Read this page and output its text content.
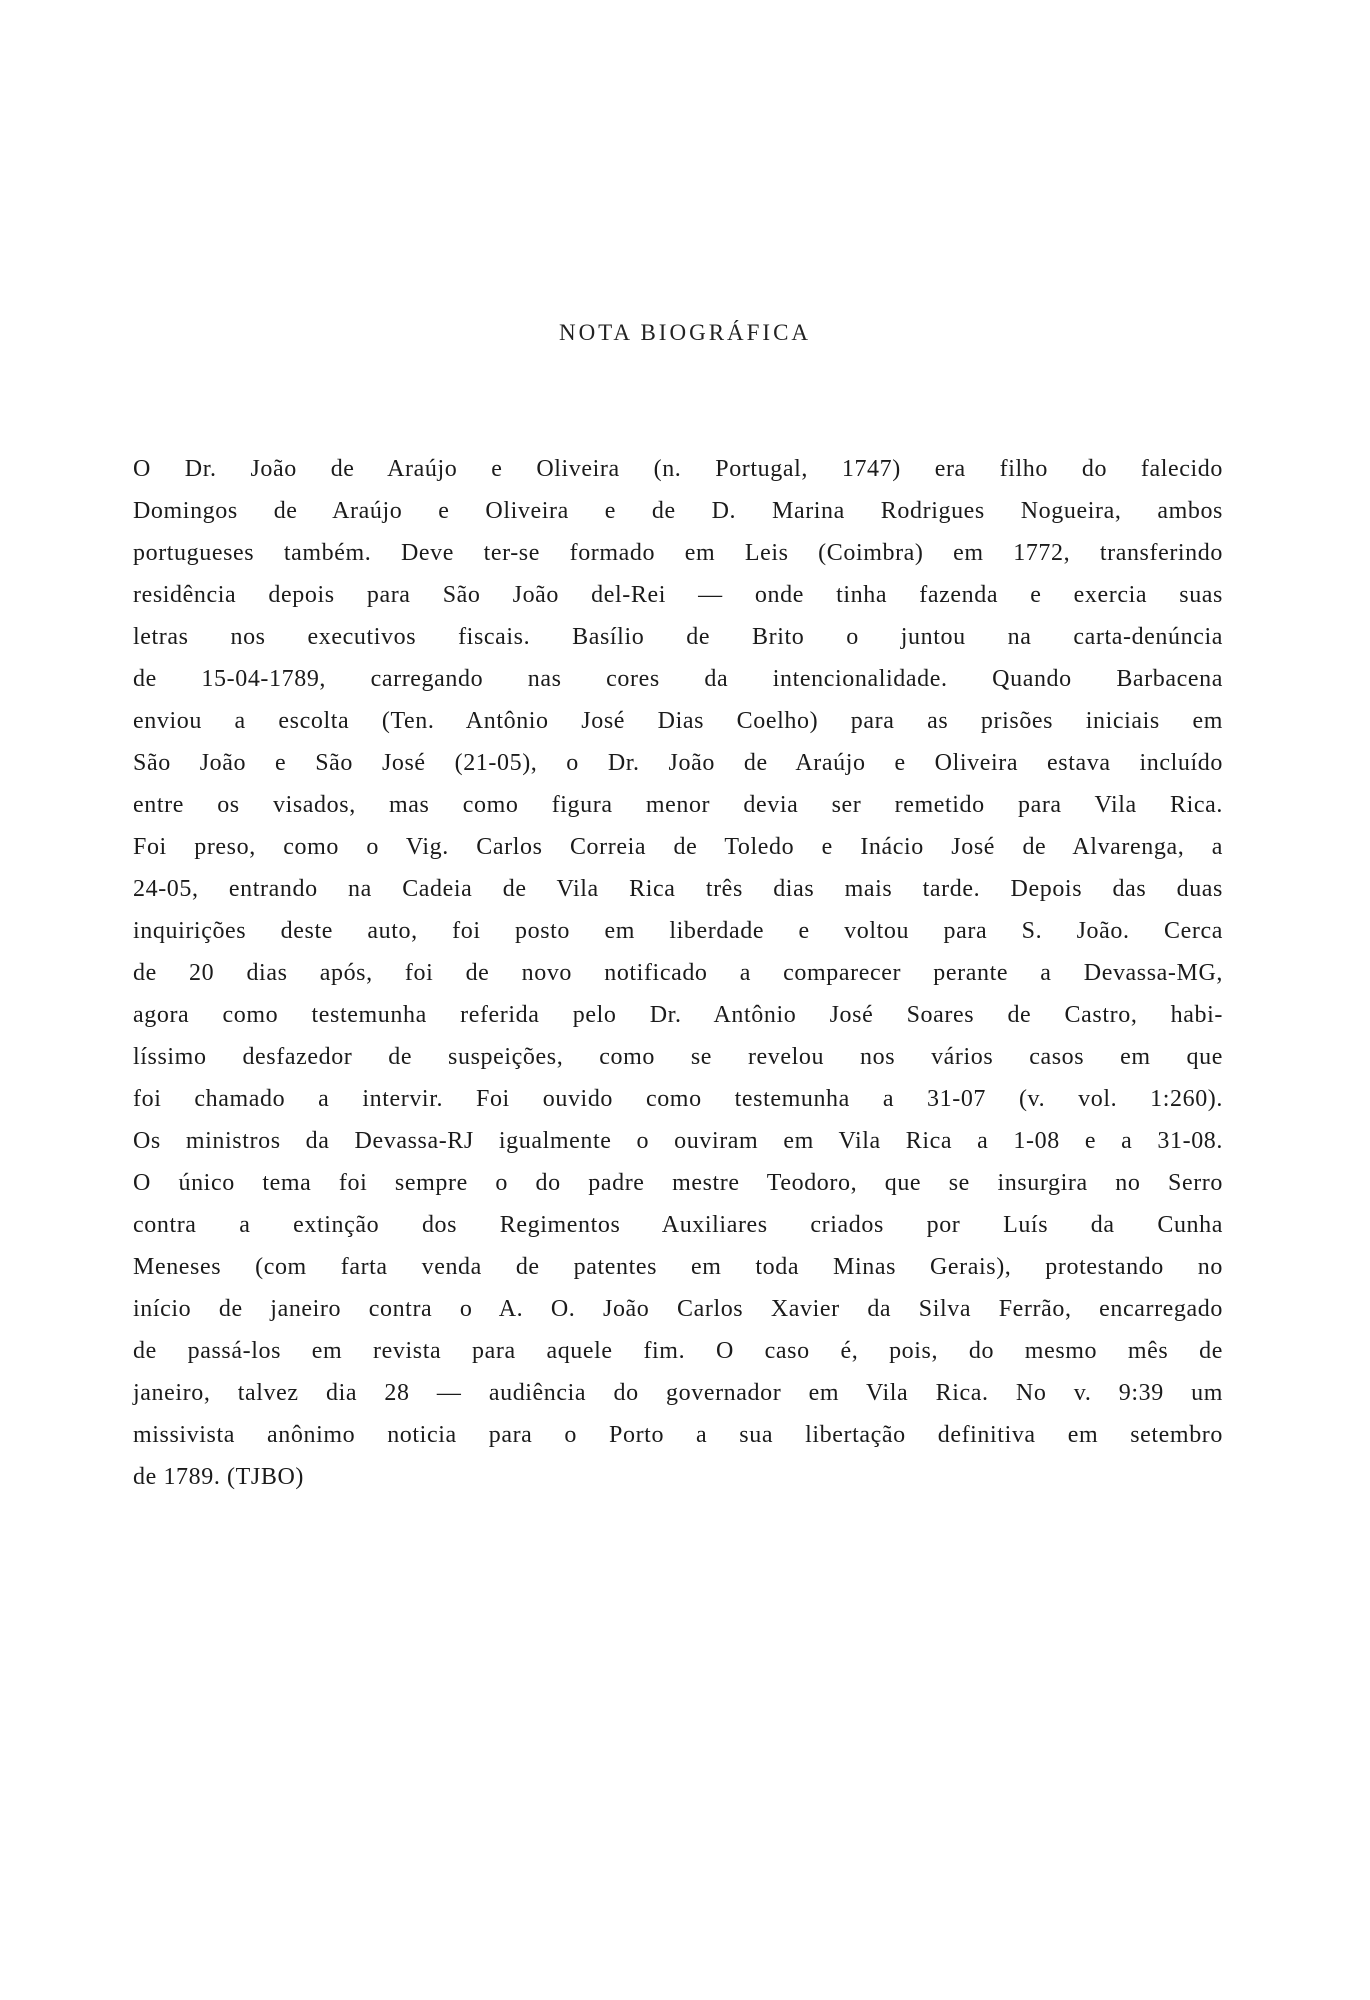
NOTA BIOGRÁFICA
O Dr. João de Araújo e Oliveira (n. Portugal, 1747) era filho do falecido
Domingos de Araújo e Oliveira e de D. Marina Rodrigues Nogueira, ambos
portugueses também. Deve ter-se formado em Leis (Coimbra) em 1772, transferindo
residência depois para São João del-Rei — onde tinha fazenda e exercia suas
letras nos executivos fiscais. Basílio de Brito o juntou na carta-denúncia
de 15-04-1789, carregando nas cores da intencionalidade. Quando Barbacena
enviou a escolta (Ten. Antônio José Dias Coelho) para as prisões iniciais em
São João e São José (21-05), o Dr. João de Araújo e Oliveira estava incluído
entre os visados, mas como figura menor devia ser remetido para Vila Rica.
Foi preso, como o Vig. Carlos Correia de Toledo e Inácio José de Alvarenga, a
24-05, entrando na Cadeia de Vila Rica três dias mais tarde. Depois das duas
inquirições deste auto, foi posto em liberdade e voltou para S. João. Cerca
de 20 dias após, foi de novo notificado a comparecer perante a Devassa-MG,
agora como testemunha referida pelo Dr. Antônio José Soares de Castro, habi-
líssimo desfazedor de suspeições, como se revelou nos vários casos em que
foi chamado a intervir. Foi ouvido como testemunha a 31-07 (v. vol. 1:260).
Os ministros da Devassa-RJ igualmente o ouviram em Vila Rica a 1-08 e a 31-08.
O único tema foi sempre o do padre mestre Teodoro, que se insurgira no Serro
contra a extinção dos Regimentos Auxiliares criados por Luís da Cunha
Meneses (com farta venda de patentes em toda Minas Gerais), protestando no
início de janeiro contra o A. O. João Carlos Xavier da Silva Ferrão, encarregado
de passá-los em revista para aquele fim. O caso é, pois, do mesmo mês de
janeiro, talvez dia 28 — audiência do governador em Vila Rica. No v. 9:39 um
missivista anônimo noticia para o Porto a sua libertação definitiva em setembro
de 1789. (TJBO)
